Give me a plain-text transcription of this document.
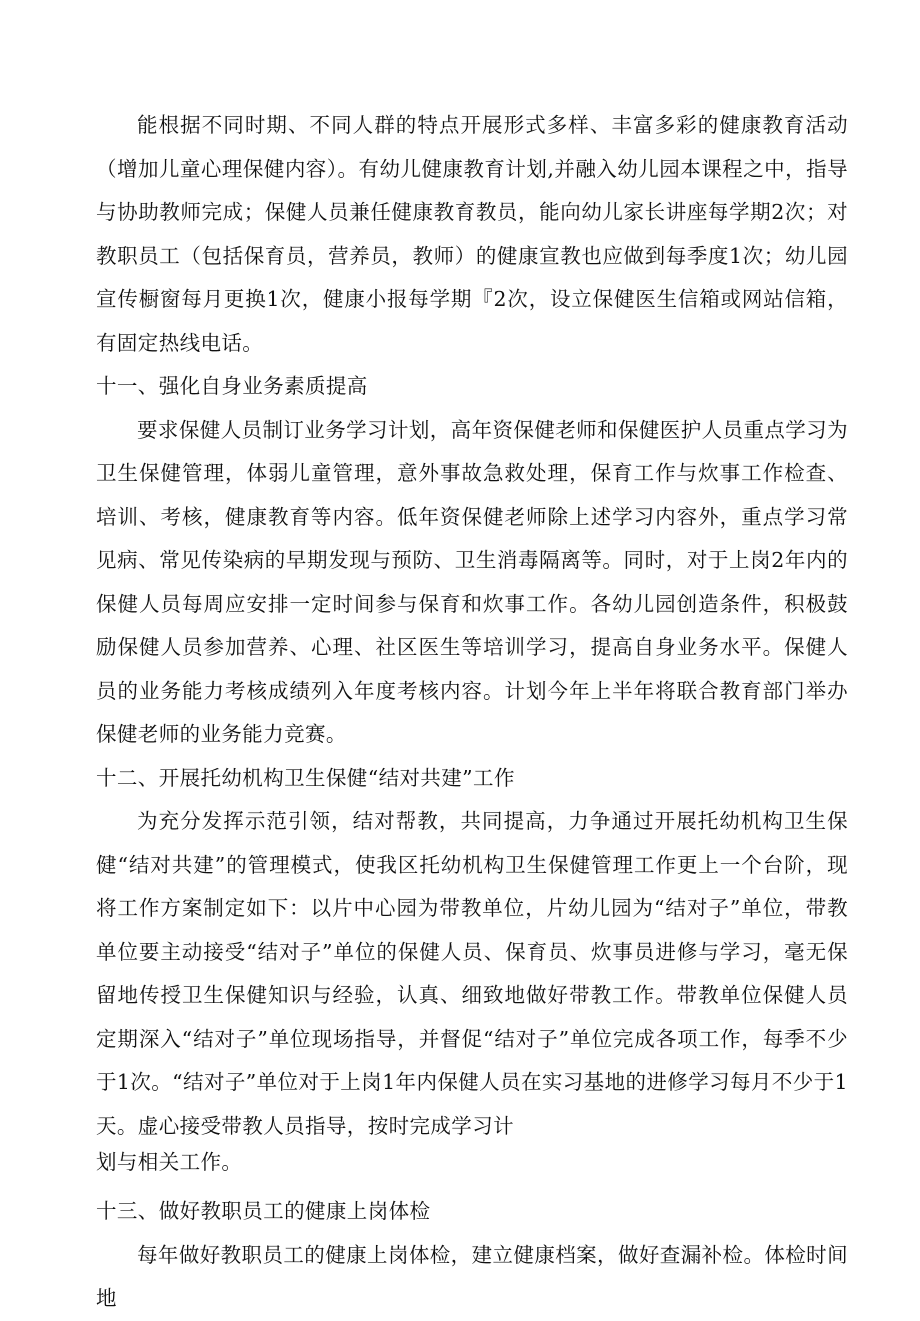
能根据不同时期、不同人群的特点开展形式多样、丰富多彩的健康教育活动（增加儿童心理保健内容）。有幼儿健康教育计划,并融入幼儿园本课程之中，指导与协助教师完成；保健人员兼任健康教育教员，能向幼儿家长讲座每学期2次；对教职员工（包括保育员，营养员，教师）的健康宣教也应做到每季度1次；幼儿园宣传橱窗每月更换1次，健康小报每学期『2次，设立保健医生信箱或网站信箱，有固定热线电话。

十一、强化自身业务素质提高

要求保健人员制订业务学习计划，高年资保健老师和保健医护人员重点学习为卫生保健管理，体弱儿童管理，意外事故急救处理，保育工作与炊事工作检查、培训、考核，健康教育等内容。低年资保健老师除上述学习内容外，重点学习常见病、常见传染病的早期发现与预防、卫生消毒隔离等。同时，对于上岗2年内的保健人员每周应安排一定时间参与保育和炊事工作。各幼儿园创造条件，积极鼓励保健人员参加营养、心理、社区医生等培训学习，提高自身业务水平。保健人员的业务能力考核成绩列入年度考核内容。计划今年上半年将联合教育部门举办保健老师的业务能力竞赛。

十二、开展托幼机构卫生保健“结对共建”工作

为充分发挥示范引领，结对帮教，共同提高，力争通过开展托幼机构卫生保健“结对共建”的管理模式，使我区托幼机构卫生保健管理工作更上一个台阶，现将工作方案制定如下：以片中心园为带教单位，片幼儿园为“结对子”单位，带教单位要主动接受“结对子”单位的保健人员、保育员、炊事员进修与学习，毫无保留地传授卫生保健知识与经验，认真、细致地做好带教工作。带教单位保健人员定期深入“结对子”单位现场指导，并督促“结对子”单位完成各项工作，每季不少于1次。“结对子”单位对于上岗1年内保健人员在实习基地的进修学习每月不少于1天。虚心接受带教人员指导，按时完成学习计

划与相关工作。

十三、做好教职员工的健康上岗体检

每年做好教职员工的健康上岗体检，建立健康档案，做好查漏补检。体检时间地
